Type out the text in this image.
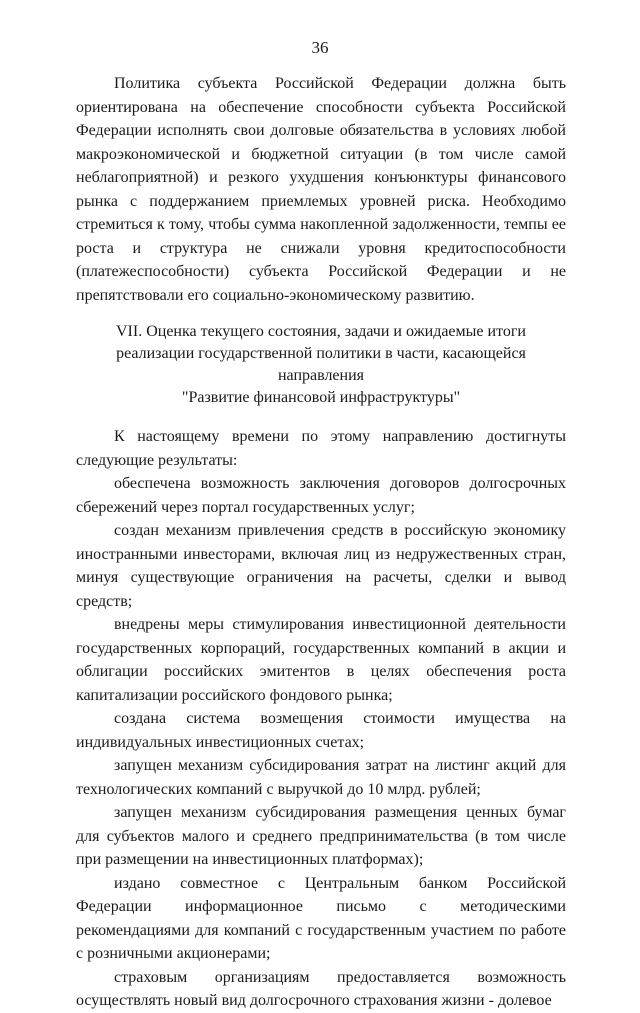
36

Политика субъекта Российской Федерации должна быть ориентирована на обеспечение способности субъекта Российской Федерации исполнять свои долговые обязательства в условиях любой макроэкономической и бюджетной ситуации (в том числе самой неблагоприятной) и резкого ухудшения конъюнктуры финансового рынка с поддержанием приемлемых уровней риска. Необходимо стремиться к тому, чтобы сумма накопленной задолженности, темпы ее роста и структура не снижали уровня кредитоспособности (платежеспособности) субъекта Российской Федерации и не препятствовали его социально-экономическому развитию.

VII. Оценка текущего состояния, задачи и ожидаемые итоги
реализации государственной политики в части, касающейся направления
"Развитие финансовой инфраструктуры"

К настоящему времени по этому направлению достигнуты следующие результаты:

обеспечена возможность заключения договоров долгосрочных сбережений через портал государственных услуг;

создан механизм привлечения средств в российскую экономику иностранными инвесторами, включая лиц из недружественных стран, минуя существующие ограничения на расчеты, сделки и вывод средств;

внедрены меры стимулирования инвестиционной деятельности государственных корпораций, государственных компаний в акции и облигации российских эмитентов в целях обеспечения роста капитализации российского фондового рынка;

создана система возмещения стоимости имущества на индивидуальных инвестиционных счетах;

запущен механизм субсидирования затрат на листинг акций для технологических компаний с выручкой до 10 млрд. рублей;

запущен механизм субсидирования размещения ценных бумаг для субъектов малого и среднего предпринимательства (в том числе при размещении на инвестиционных платформах);

издано совместное с Центральным банком Российской Федерации информационное письмо с методическими рекомендациями для компаний с государственным участием по работе с розничными акционерами;

страховым организациям предоставляется возможность осуществлять новый вид долгосрочного страхования жизни - долевое
